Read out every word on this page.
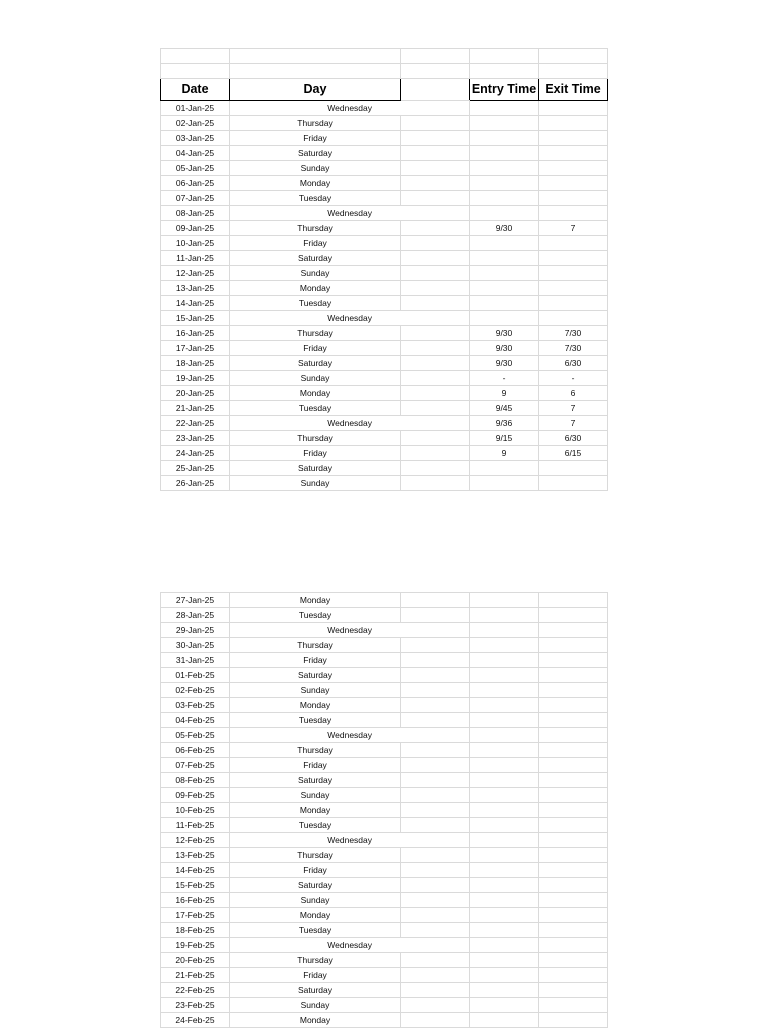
Date	Day		Entry Time	Exit Time
01-Jan-25	Wednesday			
02-Jan-25	Thursday			
03-Jan-25	Friday			
04-Jan-25	Saturday			
05-Jan-25	Sunday			
06-Jan-25	Monday			
07-Jan-25	Tuesday			
08-Jan-25	Wednesday			
09-Jan-25	Thursday		9/30	7
10-Jan-25	Friday			
11-Jan-25	Saturday			
12-Jan-25	Sunday			
13-Jan-25	Monday			
14-Jan-25	Tuesday			
15-Jan-25	Wednesday			
16-Jan-25	Thursday		9/30	7/30
17-Jan-25	Friday		9/30	7/30
18-Jan-25	Saturday		9/30	6/30
19-Jan-25	Sunday		-	-
20-Jan-25	Monday		9	6
21-Jan-25	Tuesday		9/45	7
22-Jan-25	Wednesday		9/36	7
23-Jan-25	Thursday		9/15	6/30
24-Jan-25	Friday		9	6/15
25-Jan-25	Saturday			
26-Jan-25	Sunday			
27-Jan-25	Monday			
28-Jan-25	Tuesday			
29-Jan-25	Wednesday			
30-Jan-25	Thursday			
31-Jan-25	Friday			
01-Feb-25	Saturday			
02-Feb-25	Sunday			
03-Feb-25	Monday			
04-Feb-25	Tuesday			
05-Feb-25	Wednesday			
06-Feb-25	Thursday			
07-Feb-25	Friday			
08-Feb-25	Saturday			
09-Feb-25	Sunday			
10-Feb-25	Monday			
11-Feb-25	Tuesday			
12-Feb-25	Wednesday			
13-Feb-25	Thursday			
14-Feb-25	Friday			
15-Feb-25	Saturday			
16-Feb-25	Sunday			
17-Feb-25	Monday			
18-Feb-25	Tuesday			
19-Feb-25	Wednesday			
20-Feb-25	Thursday			
21-Feb-25	Friday			
22-Feb-25	Saturday			
23-Feb-25	Sunday			
24-Feb-25	Monday			
